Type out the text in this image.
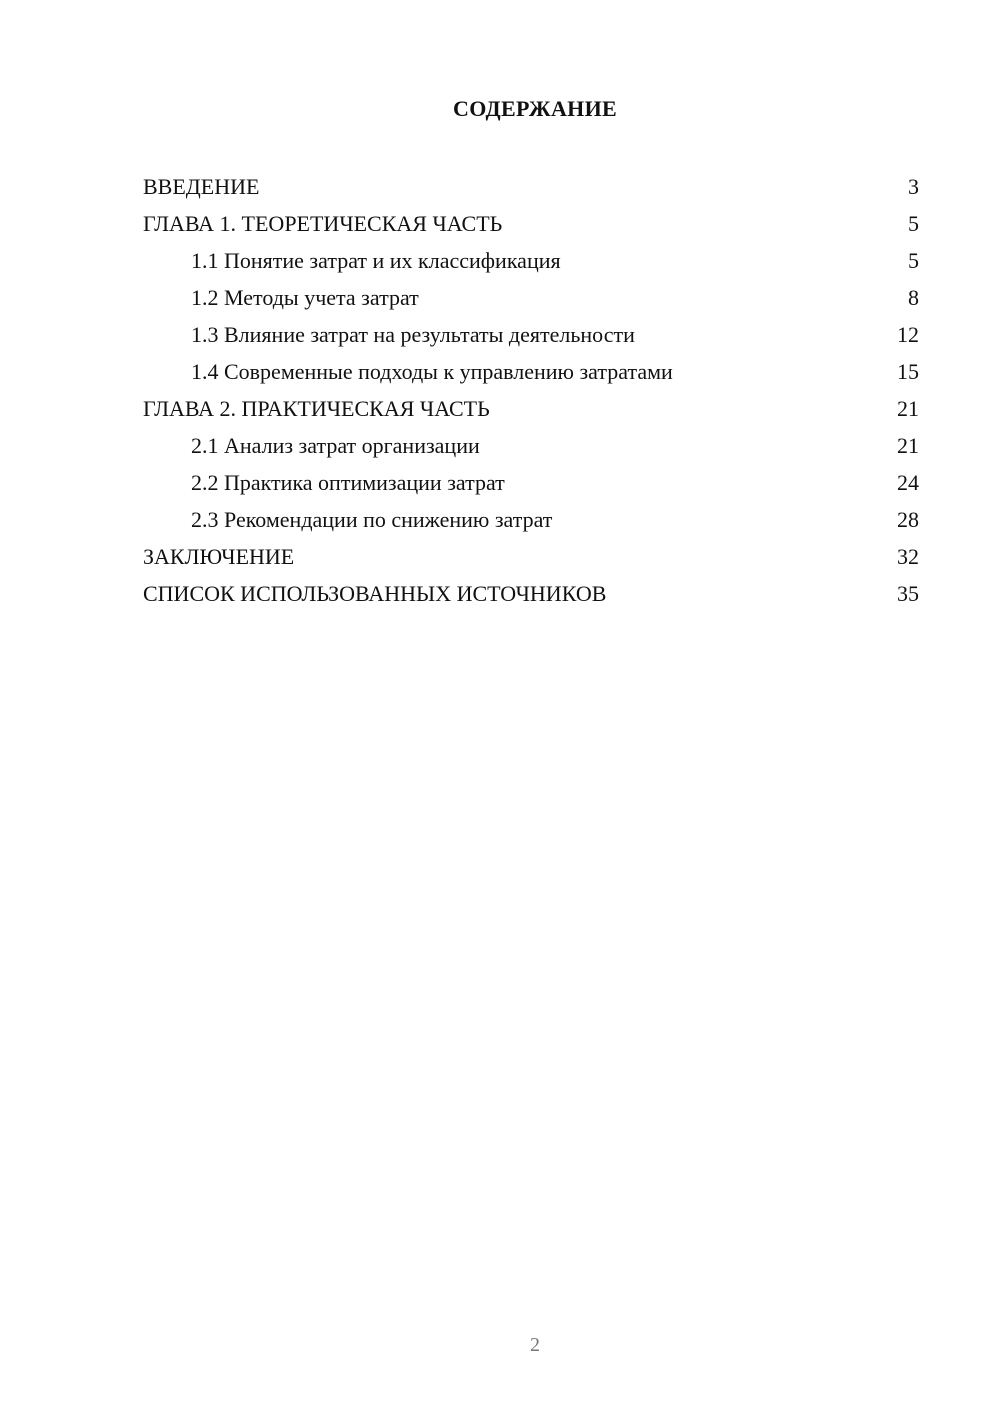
СОДЕРЖАНИЕ
ВВЕДЕНИЕ	3
ГЛАВА 1. ТЕОРЕТИЧЕСКАЯ ЧАСТЬ	5
1.1 Понятие затрат и их классификация	5
1.2 Методы учета затрат	8
1.3 Влияние затрат на результаты деятельности	12
1.4 Современные подходы к управлению затратами	15
ГЛАВА 2. ПРАКТИЧЕСКАЯ ЧАСТЬ	21
2.1 Анализ затрат организации	21
2.2 Практика оптимизации затрат	24
2.3 Рекомендации по снижению затрат	28
ЗАКЛЮЧЕНИЕ	32
СПИСОК ИСПОЛЬЗОВАННЫХ ИСТОЧНИКОВ	35
2
